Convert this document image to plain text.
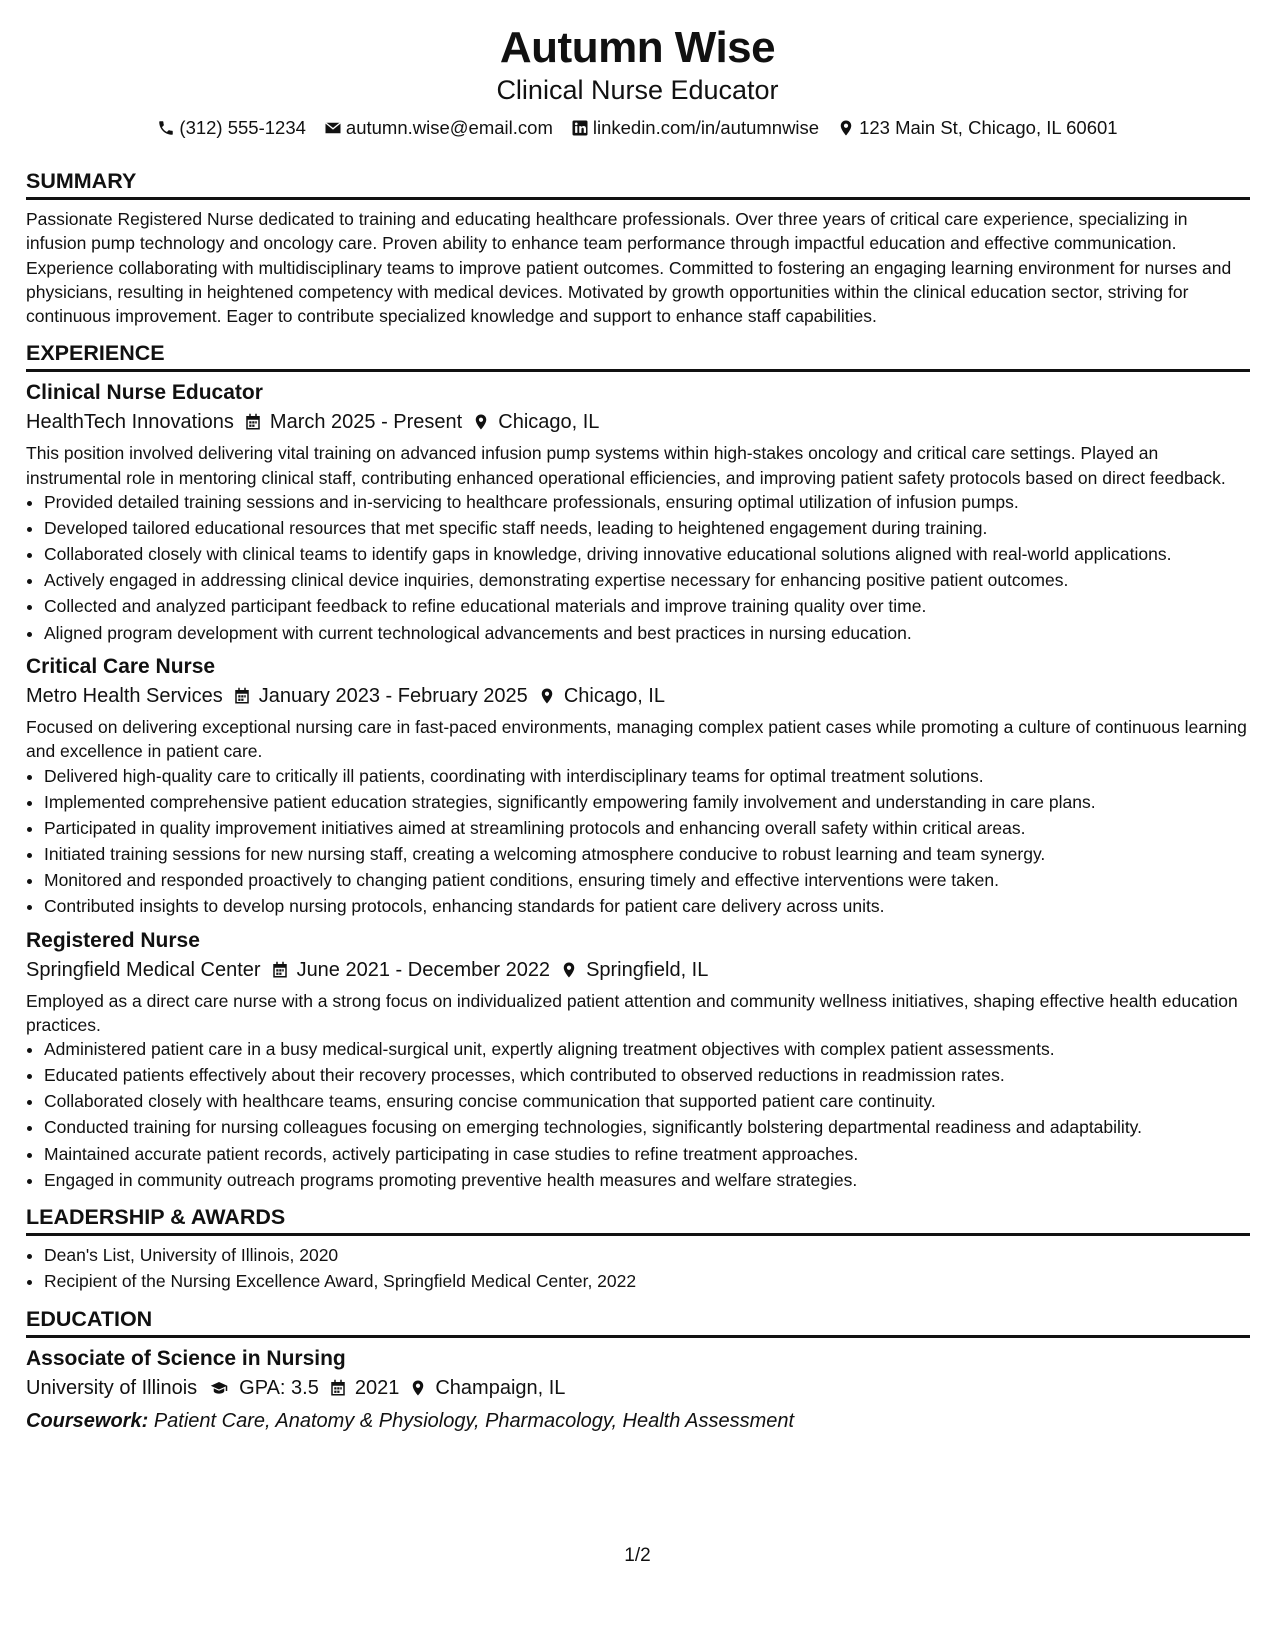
Autumn Wise
Clinical Nurse Educator
(312) 555-1234 autumn.wise@email.com linkedin.com/in/autumnwise 123 Main St, Chicago, IL 60601
SUMMARY

Passionate Registered Nurse dedicated to training and educating healthcare professionals. Over three years of critical care experience, specializing in infusion pump technology and oncology care. Proven ability to enhance team performance through impactful education and effective communication. Experience collaborating with multidisciplinary teams to improve patient outcomes. Committed to fostering an engaging learning environment for nurses and physicians, resulting in heightened competency with medical devices. Motivated by growth opportunities within the clinical education sector, striving for continuous improvement. Eager to contribute specialized knowledge and support to enhance staff capabilities.

EXPERIENCE
Clinical Nurse Educator
HealthTech Innovations March 2025 - Present Chicago, IL

This position involved delivering vital training on advanced infusion pump systems within high-stakes oncology and critical care settings. Played an instrumental role in mentoring clinical staff, contributing enhanced operational efficiencies, and improving patient safety protocols based on direct feedback.

• Provided detailed training sessions and in-servicing to healthcare professionals, ensuring optimal utilization of infusion pumps.
• Developed tailored educational resources that met specific staff needs, leading to heightened engagement during training.
• Collaborated closely with clinical teams to identify gaps in knowledge, driving innovative educational solutions aligned with real-world applications.
• Actively engaged in addressing clinical device inquiries, demonstrating expertise necessary for enhancing positive patient outcomes.
• Collected and analyzed participant feedback to refine educational materials and improve training quality over time.
• Aligned program development with current technological advancements and best practices in nursing education.
Critical Care Nurse
Metro Health Services January 2023 - February 2025 Chicago, IL

Focused on delivering exceptional nursing care in fast-paced environments, managing complex patient cases while promoting a culture of continuous learning and excellence in patient care.

• Delivered high-quality care to critically ill patients, coordinating with interdisciplinary teams for optimal treatment solutions.
• Implemented comprehensive patient education strategies, significantly empowering family involvement and understanding in care plans.
• Participated in quality improvement initiatives aimed at streamlining protocols and enhancing overall safety within critical areas.
• Initiated training sessions for new nursing staff, creating a welcoming atmosphere conducive to robust learning and team synergy.
• Monitored and responded proactively to changing patient conditions, ensuring timely and effective interventions were taken.
• Contributed insights to develop nursing protocols, enhancing standards for patient care delivery across units.
Registered Nurse
Springfield Medical Center June 2021 - December 2022 Springfield, IL

Employed as a direct care nurse with a strong focus on individualized patient attention and community wellness initiatives, shaping effective health education practices.

• Administered patient care in a busy medical-surgical unit, expertly aligning treatment objectives with complex patient assessments.
• Educated patients effectively about their recovery processes, which contributed to observed reductions in readmission rates.
• Collaborated closely with healthcare teams, ensuring concise communication that supported patient care continuity.
• Conducted training for nursing colleagues focusing on emerging technologies, significantly bolstering departmental readiness and adaptability.
• Maintained accurate patient records, actively participating in case studies to refine treatment approaches.
• Engaged in community outreach programs promoting preventive health measures and welfare strategies.
LEADERSHIP & AWARDS
• Dean's List, University of Illinois, 2020
• Recipient of the Nursing Excellence Award, Springfield Medical Center, 2022
EDUCATION
Associate of Science in Nursing
University of Illinois GPA: 3.5 2021 Champaign, IL
Coursework: Patient Care, Anatomy & Physiology, Pharmacology, Health Assessment
1/2
